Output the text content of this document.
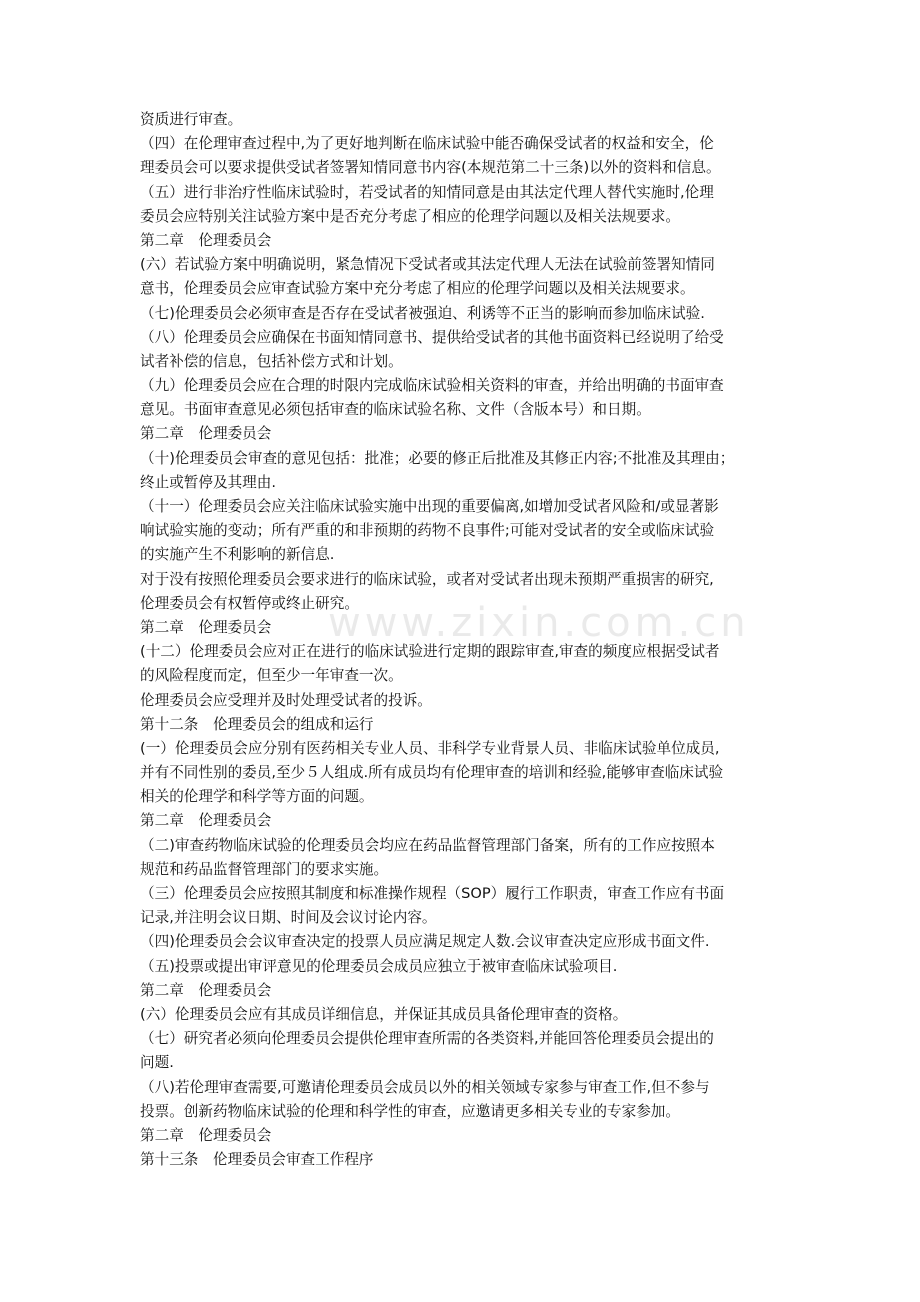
www.zixin.com.cn
资质进行审查。
（四）在伦理审查过程中,为了更好地判断在临床试验中能否确保受试者的权益和安全，伦
理委员会可以要求提供受试者签署知情同意书内容(本规范第二十三条)以外的资料和信息。
（五）进行非治疗性临床试验时，若受试者的知情同意是由其法定代理人替代实施时,伦理
委员会应特别关注试验方案中是否充分考虑了相应的伦理学问题以及相关法规要求。
第二章　伦理委员会
(六）若试验方案中明确说明，紧急情况下受试者或其法定代理人无法在试验前签署知情同
意书，伦理委员会应审查试验方案中充分考虑了相应的伦理学问题以及相关法规要求。
（七)伦理委员会必须审查是否存在受试者被强迫、利诱等不正当的影响而参加临床试验.
（八）伦理委员会应确保在书面知情同意书、提供给受试者的其他书面资料已经说明了给受
试者补偿的信息，包括补偿方式和计划。
（九）伦理委员会应在合理的时限内完成临床试验相关资料的审查，并给出明确的书面审查
意见。书面审查意见必须包括审查的临床试验名称、文件（含版本号）和日期。
第二章　伦理委员会
（十)伦理委员会审查的意见包括：批准；必要的修正后批准及其修正内容;不批准及其理由；
终止或暂停及其理由.
（十一）伦理委员会应关注临床试验实施中出现的重要偏离,如增加受试者风险和/或显著影
响试验实施的变动；所有严重的和非预期的药物不良事件;可能对受试者的安全或临床试验
的实施产生不利影响的新信息.
对于没有按照伦理委员会要求进行的临床试验，或者对受试者出现未预期严重损害的研究,
伦理委员会有权暂停或终止研究。
第二章　伦理委员会
(十二）伦理委员会应对正在进行的临床试验进行定期的跟踪审查,审查的频度应根据受试者
的风险程度而定，但至少一年审查一次。
伦理委员会应受理并及时处理受试者的投诉。
第十二条　伦理委员会的组成和运行
(一）伦理委员会应分别有医药相关专业人员、非科学专业背景人员、非临床试验单位成员,
并有不同性别的委员,至少５人组成.所有成员均有伦理审查的培训和经验,能够审查临床试验
相关的伦理学和科学等方面的问题。
第二章　伦理委员会
（二)审查药物临床试验的伦理委员会均应在药品监督管理部门备案，所有的工作应按照本
规范和药品监督管理部门的要求实施。
（三）伦理委员会应按照其制度和标准操作规程（SOP）履行工作职责，审查工作应有书面
记录,并注明会议日期、时间及会议讨论内容。
（四)伦理委员会会议审查决定的投票人员应满足规定人数.会议审查决定应形成书面文件.
（五)投票或提出审评意见的伦理委员会成员应独立于被审查临床试验项目.
第二章　伦理委员会
(六）伦理委员会应有其成员详细信息，并保证其成员具备伦理审查的资格。
（七）研究者必须向伦理委员会提供伦理审查所需的各类资料,并能回答伦理委员会提出的
问题.
（八)若伦理审查需要,可邀请伦理委员会成员以外的相关领域专家参与审查工作,但不参与
投票。创新药物临床试验的伦理和科学性的审查，应邀请更多相关专业的专家参加。
第二章　伦理委员会
第十三条　伦理委员会审查工作程序
